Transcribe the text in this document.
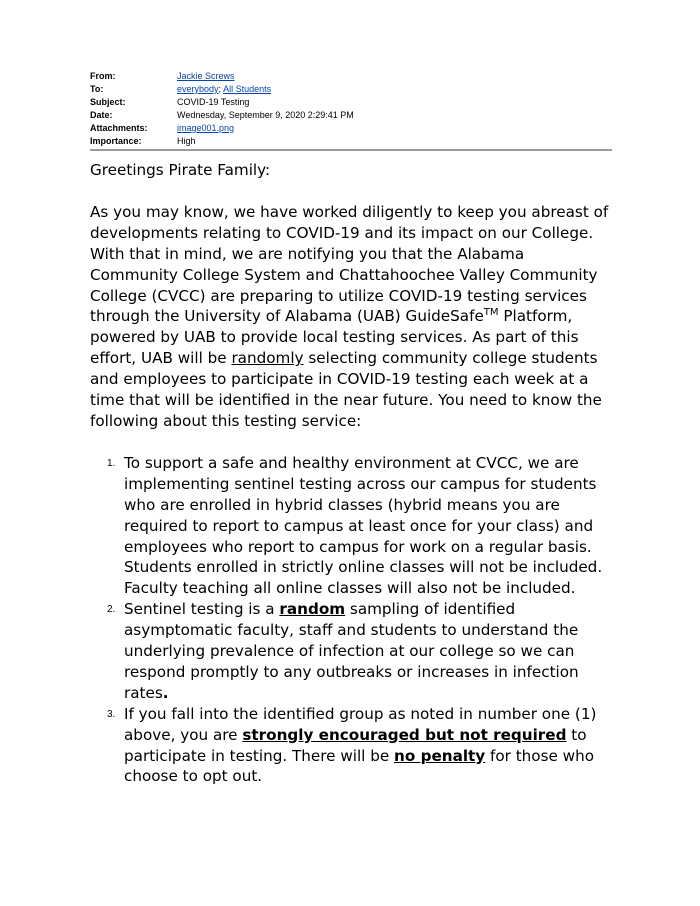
From:	Jackie Screws
To:	everybody; All Students
Subject:	COVID-19 Testing
Date:	Wednesday, September 9, 2020 2:29:41 PM
Attachments:	image001.png
Importance:	High

Greetings Pirate Family:

As you may know, we have worked diligently to keep you abreast of developments relating to COVID-19 and its impact on our College. With that in mind, we are notifying you that the Alabama Community College System and Chattahoochee Valley Community College (CVCC) are preparing to utilize COVID-19 testing services through the University of Alabama (UAB) GuideSafe™ Platform, powered by UAB to provide local testing services. As part of this effort, UAB will be randomly selecting community college students and employees to participate in COVID-19 testing each week at a time that will be identified in the near future. You need to know the following about this testing service:

1. To support a safe and healthy environment at CVCC, we are implementing sentinel testing across our campus for students who are enrolled in hybrid classes (hybrid means you are required to report to campus at least once for your class) and employees who report to campus for work on a regular basis. Students enrolled in strictly online classes will not be included. Faculty teaching all online classes will also not be included.
2. Sentinel testing is a random sampling of identified asymptomatic faculty, staff and students to understand the underlying prevalence of infection at our college so we can respond promptly to any outbreaks or increases in infection rates.
3. If you fall into the identified group as noted in number one (1) above, you are strongly encouraged but not required to participate in testing. There will be no penalty for those who choose to opt out.
